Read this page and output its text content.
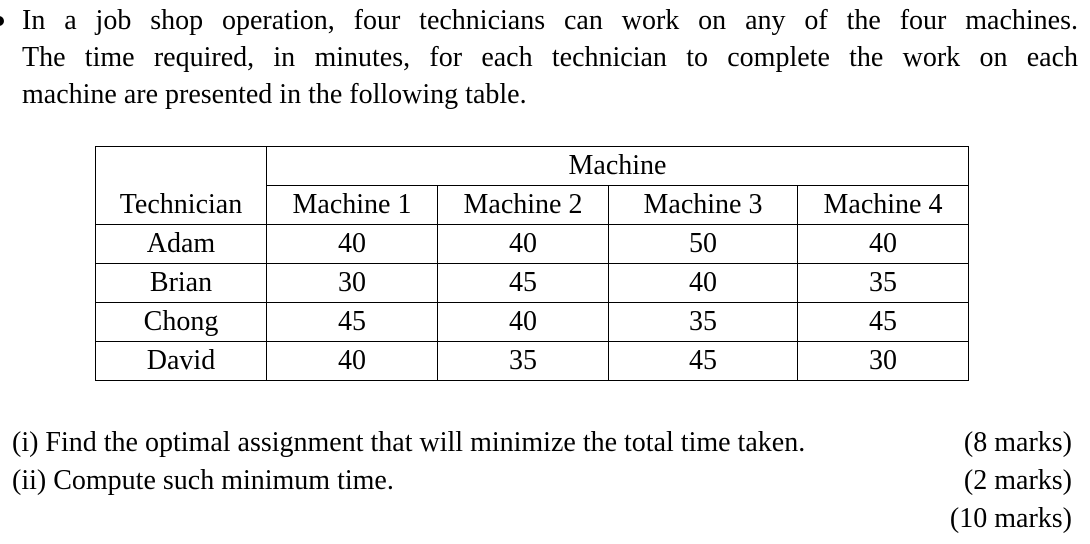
In a job shop operation, four technicians can work on any of the four machines.
The time required, in minutes, for each technician to complete the work on each
machine are presented in the following table.
	Machine			
Technician	Machine 1	Machine 2	Machine 3	Machine 4
Adam	40	40	50	40
Brian	30	45	40	35
Chong	45	40	35	45
David	40	35	45	30
(i) Find the optimal assignment that will minimize the total time taken.	(8 marks)
(ii) Compute such minimum time.	(2 marks)
(10 marks)
